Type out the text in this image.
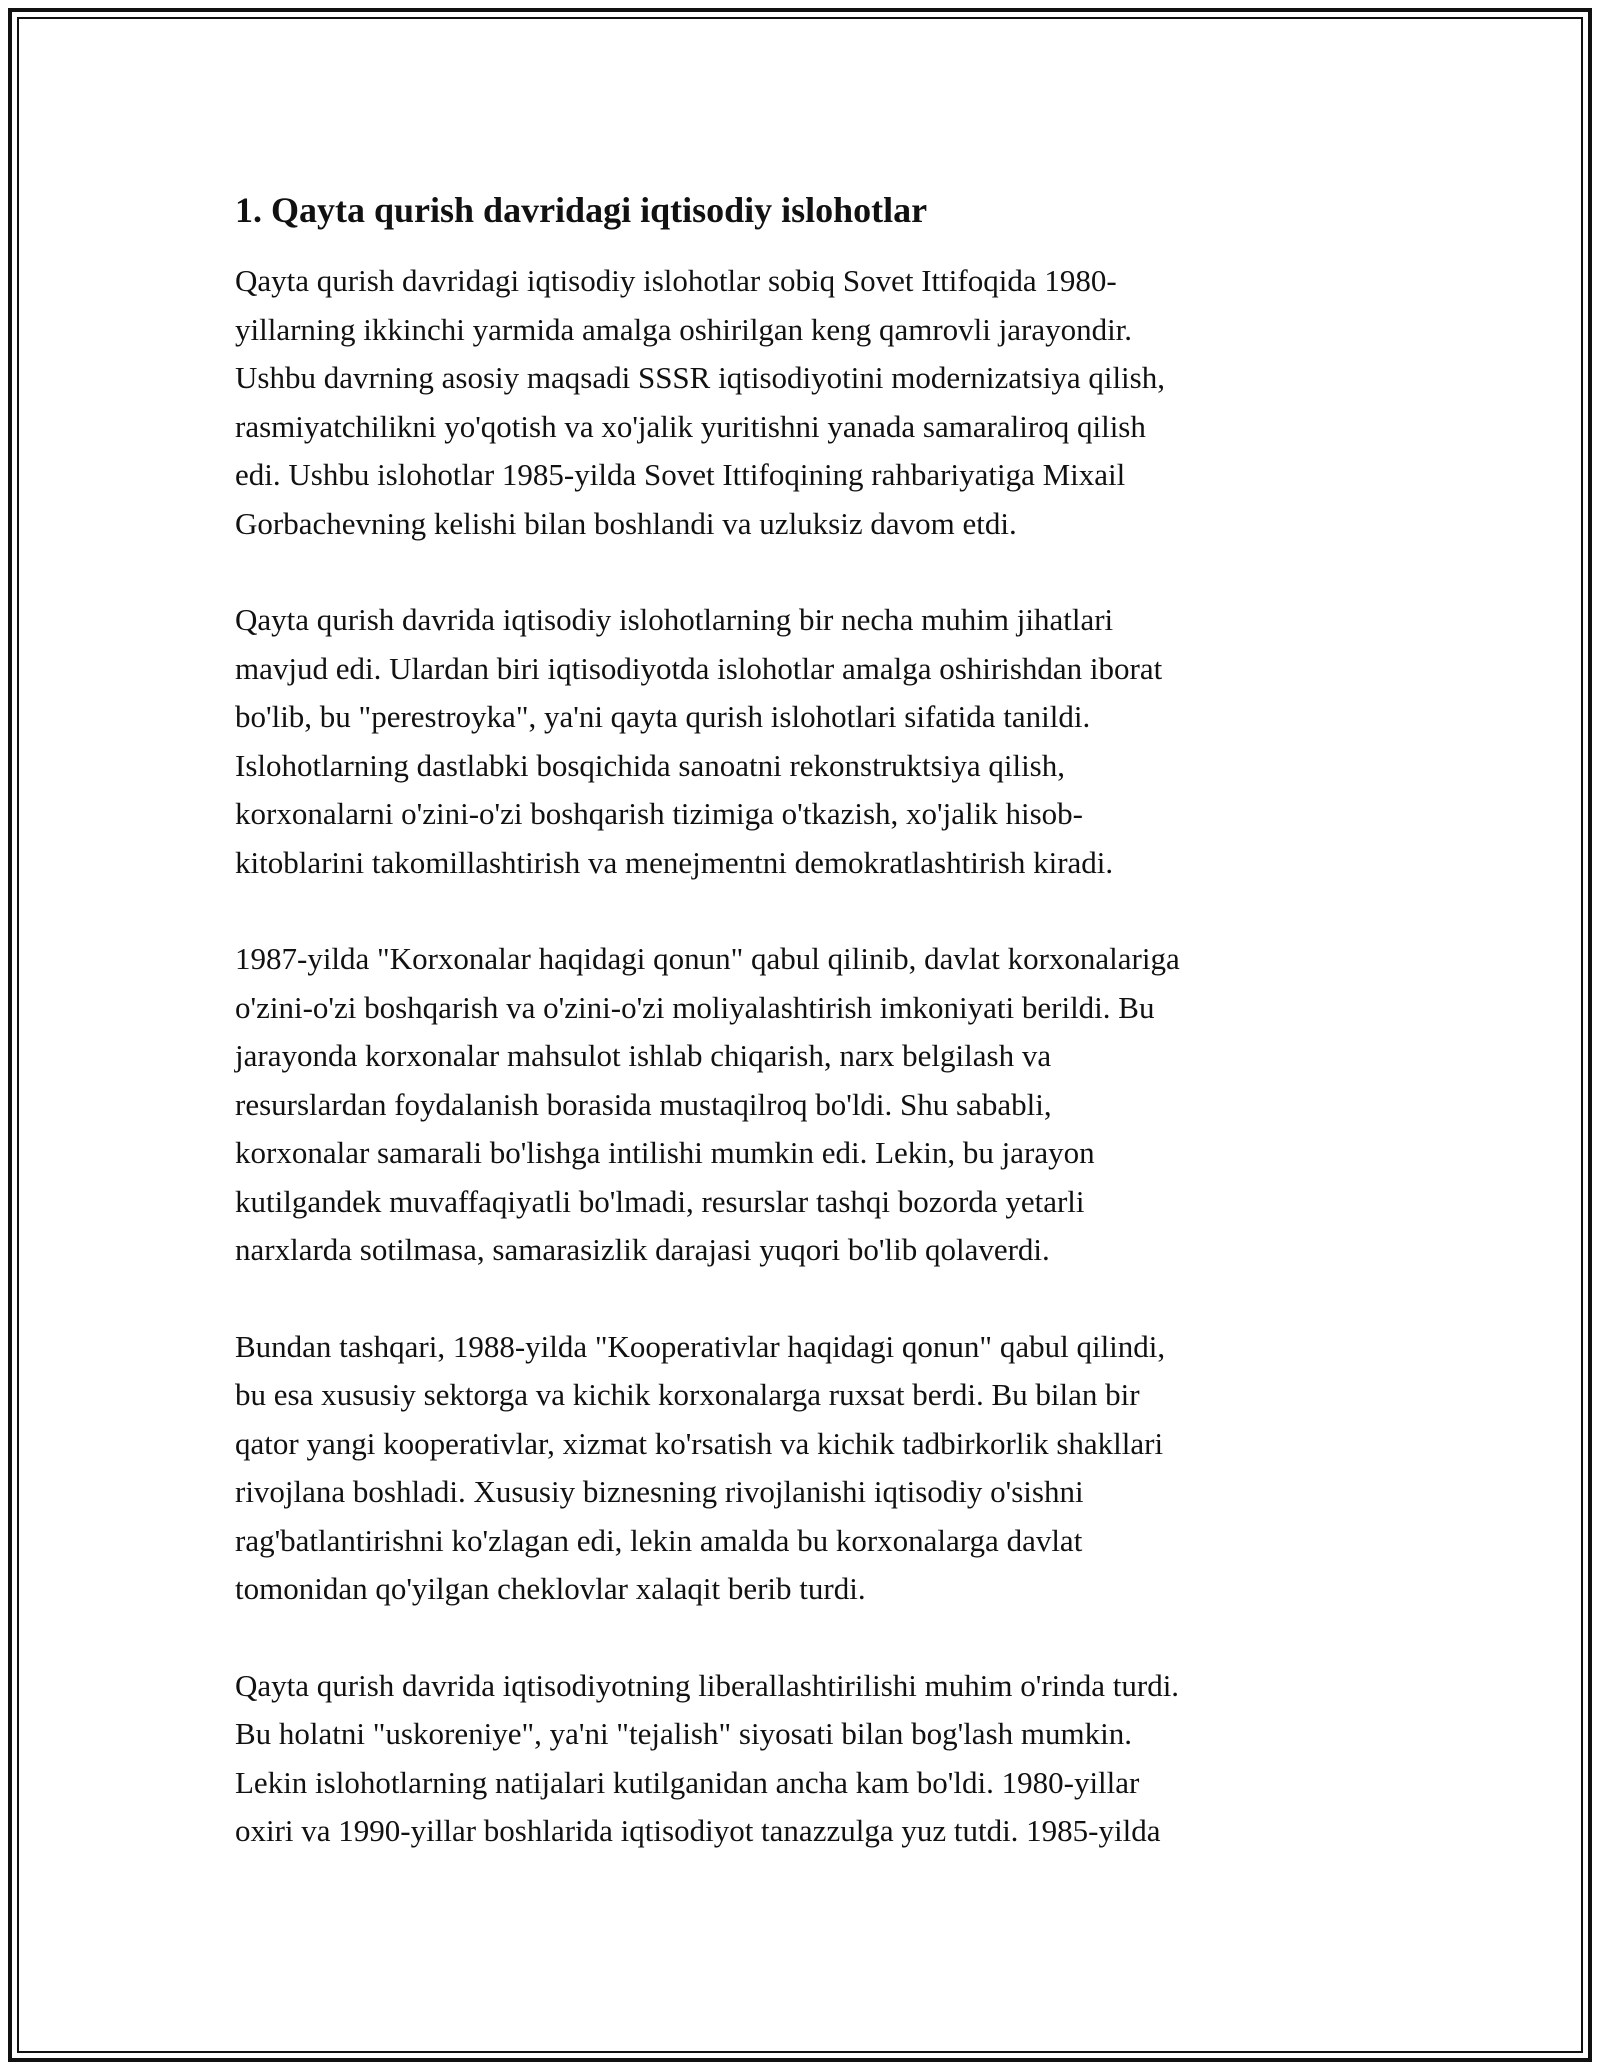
1. Qayta qurish davridagi iqtisodiy islohotlar

Qayta qurish davridagi iqtisodiy islohotlar sobiq Sovet Ittifoqida 1980-
yillarning ikkinchi yarmida amalga oshirilgan keng qamrovli jarayondir.
Ushbu davrning asosiy maqsadi SSSR iqtisodiyotini modernizatsiya qilish,
rasmiyatchilikni yo'qotish va xo'jalik yuritishni yanada samaraliroq qilish
edi. Ushbu islohotlar 1985-yilda Sovet Ittifoqining rahbariyatiga Mixail
Gorbachevning kelishi bilan boshlandi va uzluksiz davom etdi.

Qayta qurish davrida iqtisodiy islohotlarning bir necha muhim jihatlari
mavjud edi. Ulardan biri iqtisodiyotda islohotlar amalga oshirishdan iborat
bo'lib, bu "perestroyka", ya'ni qayta qurish islohotlari sifatida tanildi.
Islohotlarning dastlabki bosqichida sanoatni rekonstruktsiya qilish,
korxonalarni o'zini-o'zi boshqarish tizimiga o'tkazish, xo'jalik hisob-
kitoblarini takomillashtirish va menejmentni demokratlashtirish kiradi.

1987-yilda "Korxonalar haqidagi qonun" qabul qilinib, davlat korxonalariga
o'zini-o'zi boshqarish va o'zini-o'zi moliyalashtirish imkoniyati berildi. Bu
jarayonda korxonalar mahsulot ishlab chiqarish, narx belgilash va
resurslardan foydalanish borasida mustaqilroq bo'ldi. Shu sababli,
korxonalar samarali bo'lishga intilishi mumkin edi. Lekin, bu jarayon
kutilgandek muvaffaqiyatli bo'lmadi, resurslar tashqi bozorda yetarli
narxlarda sotilmasa, samarasizlik darajasi yuqori bo'lib qolaverdi.

Bundan tashqari, 1988-yilda "Kooperativlar haqidagi qonun" qabul qilindi,
bu esa xususiy sektorga va kichik korxonalarga ruxsat berdi. Bu bilan bir
qator yangi kooperativlar, xizmat ko'rsatish va kichik tadbirkorlik shakllari
rivojlana boshladi. Xususiy biznesning rivojlanishi iqtisodiy o'sishni
rag'batlantirishni ko'zlagan edi, lekin amalda bu korxonalarga davlat
tomonidan qo'yilgan cheklovlar xalaqit berib turdi.

Qayta qurish davrida iqtisodiyotning liberallashtirilishi muhim o'rinda turdi.
Bu holatni "uskoreniye", ya'ni "tejalish" siyosati bilan bog'lash mumkin.
Lekin islohotlarning natijalari kutilganidan ancha kam bo'ldi. 1980-yillar
oxiri va 1990-yillar boshlarida iqtisodiyot tanazzulga yuz tutdi. 1985-yilda
